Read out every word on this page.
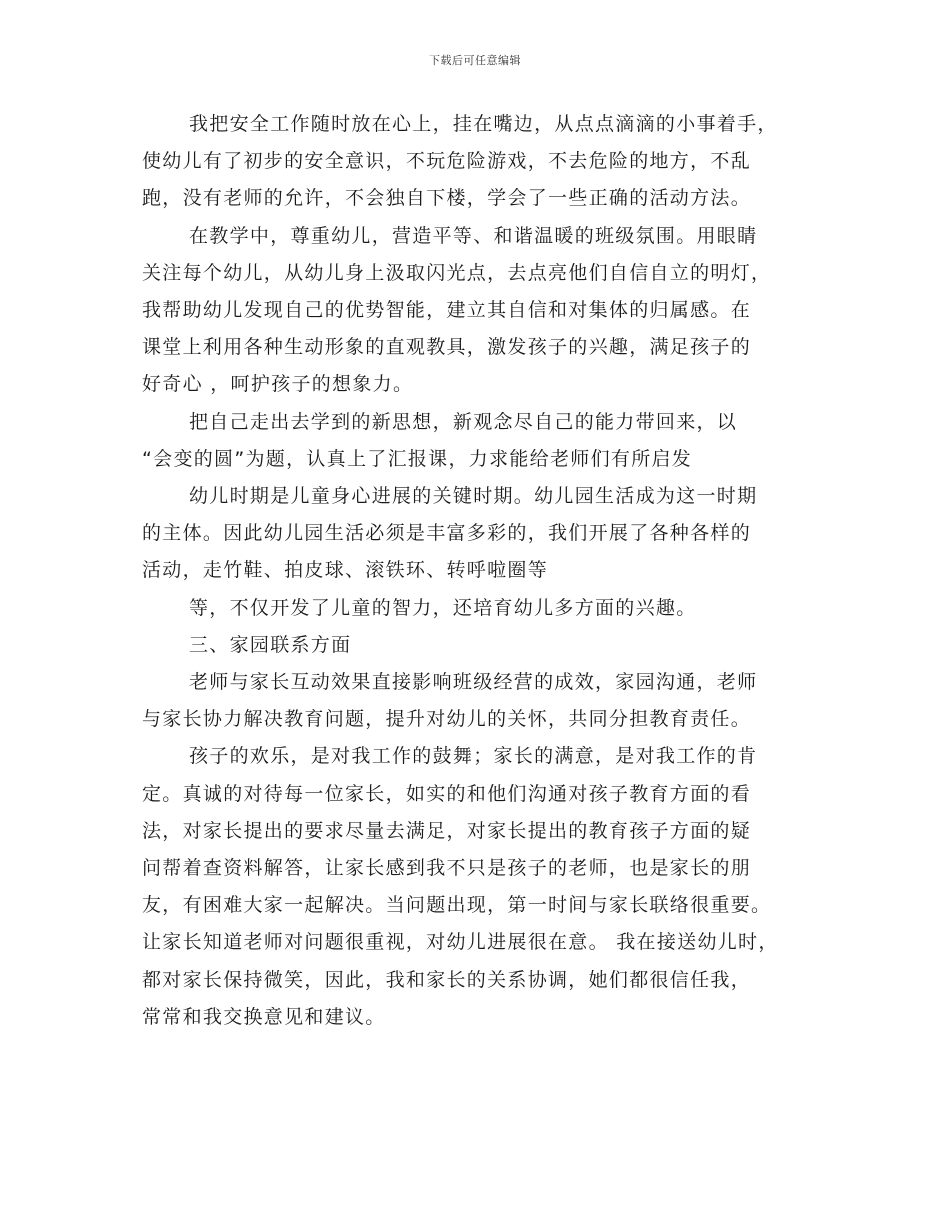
下载后可任意编辑

我把安全工作随时放在心上，挂在嘴边，从点点滴滴的小事着手，

使幼儿有了初步的安全意识，不玩危险游戏，不去危险的地方，不乱

跑，没有老师的允许，不会独自下楼，学会了一些正确的活动方法。

在教学中，尊重幼儿，营造平等、和谐温暖的班级氛围。用眼睛

关注每个幼儿，从幼儿身上汲取闪光点，去点亮他们自信自立的明灯，

我帮助幼儿发现自己的优势智能，建立其自信和对集体的归属感。在

课堂上利用各种生动形象的直观教具，激发孩子的兴趣，满足孩子的

好奇心 ，呵护孩子的想象力。

把自己走出去学到的新思想，新观念尽自己的能力带回来，以

“会变的圆”为题，认真上了汇报课，力求能给老师们有所启发

幼儿时期是儿童身心进展的关键时期。幼儿园生活成为这一时期

的主体。因此幼儿园生活必须是丰富多彩的，我们开展了各种各样的

活动，走竹鞋、拍皮球、滚铁环、转呼啦圈等

等，不仅开发了儿童的智力，还培育幼儿多方面的兴趣。

三、家园联系方面

老师与家长互动效果直接影响班级经营的成效，家园沟通，老师

与家长协力解决教育问题，提升对幼儿的关怀，共同分担教育责任。

孩子的欢乐，是对我工作的鼓舞；家长的满意，是对我工作的肯

定。真诚的对待每一位家长，如实的和他们沟通对孩子教育方面的看

法，对家长提出的要求尽量去满足，对家长提出的教育孩子方面的疑

问帮着查资料解答，让家长感到我不只是孩子的老师，也是家长的朋

友，有困难大家一起解决。当问题出现，第一时间与家长联络很重要。

让家长知道老师对问题很重视，对幼儿进展很在意。 我在接送幼儿时，

都对家长保持微笑，因此，我和家长的关系协调，她们都很信任我，

常常和我交换意见和建议。
